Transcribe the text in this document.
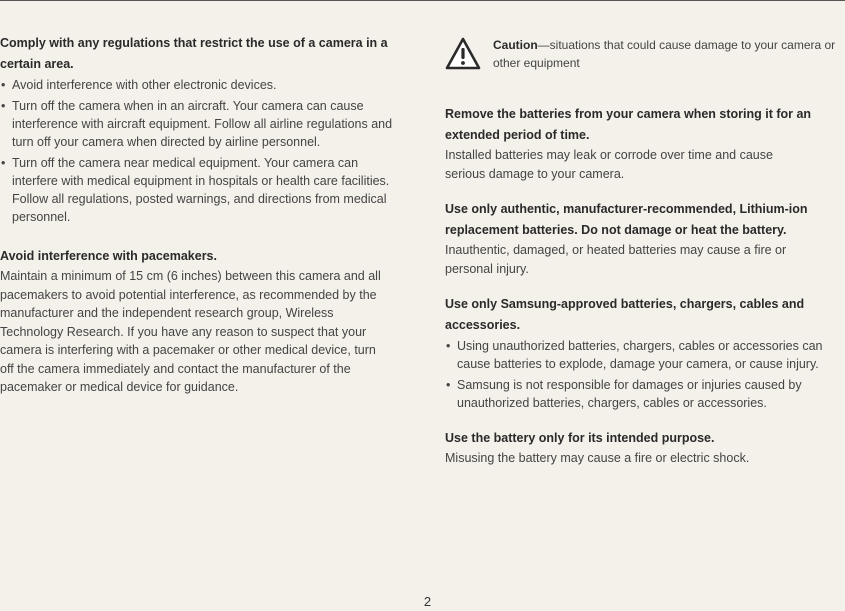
Comply with any regulations that restrict the use of a camera in a certain area.

• Avoid interference with other electronic devices.
• Turn off the camera when in an aircraft. Your camera can cause interference with aircraft equipment. Follow all airline regulations and turn off your camera when directed by airline personnel.
• Turn off the camera near medical equipment. Your camera can interfere with medical equipment in hospitals or health care facilities. Follow all regulations, posted warnings, and directions from medical personnel.

Avoid interference with pacemakers.

Maintain a minimum of 15 cm (6 inches) between this camera and all pacemakers to avoid potential interference, as recommended by the manufacturer and the independent research group, Wireless Technology Research. If you have any reason to suspect that your camera is interfering with a pacemaker or other medical device, turn off the camera immediately and contact the manufacturer of the pacemaker or medical device for guidance.

Caution—situations that could cause damage to your camera or other equipment

Remove the batteries from your camera when storing it for an extended period of time.

Installed batteries may leak or corrode over time and cause serious damage to your camera.

Use only authentic, manufacturer-recommended, Lithium-ion replacement batteries. Do not damage or heat the battery.

Inauthentic, damaged, or heated batteries may cause a fire or personal injury.

Use only Samsung-approved batteries, chargers, cables and accessories.

• Using unauthorized batteries, chargers, cables or accessories can cause batteries to explode, damage your camera, or cause injury.
• Samsung is not responsible for damages or injuries caused by unauthorized batteries, chargers, cables or accessories.

Use the battery only for its intended purpose.

Misusing the battery may cause a fire or electric shock.

2
